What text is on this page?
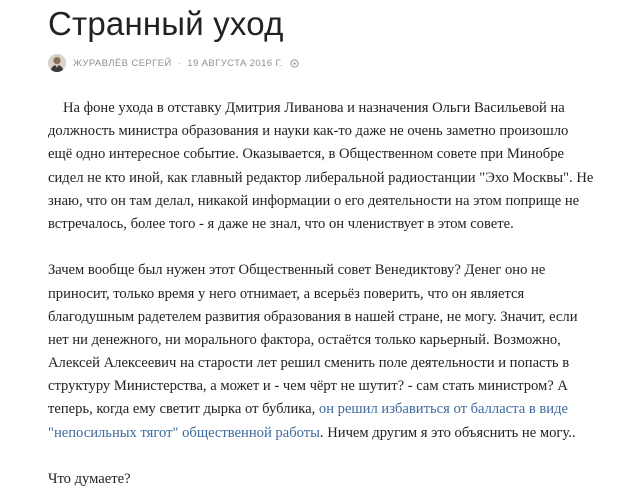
Странный уход
ЖУРАВЛЁВ СЕРГЕЙ · 19 АВГУСТА 2016 Г.

На фоне ухода в отставку Дмитрия Ливанова и назначения Ольги Васильевой на
должность министра образования и науки как-то даже не очень заметно произошло
ещё одно интересное событие. Оказывается, в Общественном совете при Минобре
сидел не кто иной, как главный редактор либеральной радиостанции "Эхо Москвы". Не
знаю, что он там делал, никакой информации о его деятельности на этом поприще не
встречалось, более того - я даже не знал, что он члениствует в этом совете.

Зачем вообще был нужен этот Общественный совет Венедиктову? Денег оно не
приносит, только время у него отнимает, а всерьёз поверить, что он является
благодушным радетелем развития образования в нашей стране, не могу. Значит, если
нет ни денежного, ни морального фактора, остаётся только карьерный. Возможно,
Алексей Алексеевич на старости лет решил сменить поле деятельности и попасть в
структуру Министерства, а может и - чем чёрт не шутит? - сам стать министром? А
теперь, когда ему светит дырка от бублика, он решил избавиться от балласта в виде
"непосильных тягот" общественной работы. Ничем другим я это объяснить не могу..

Что думаете?
